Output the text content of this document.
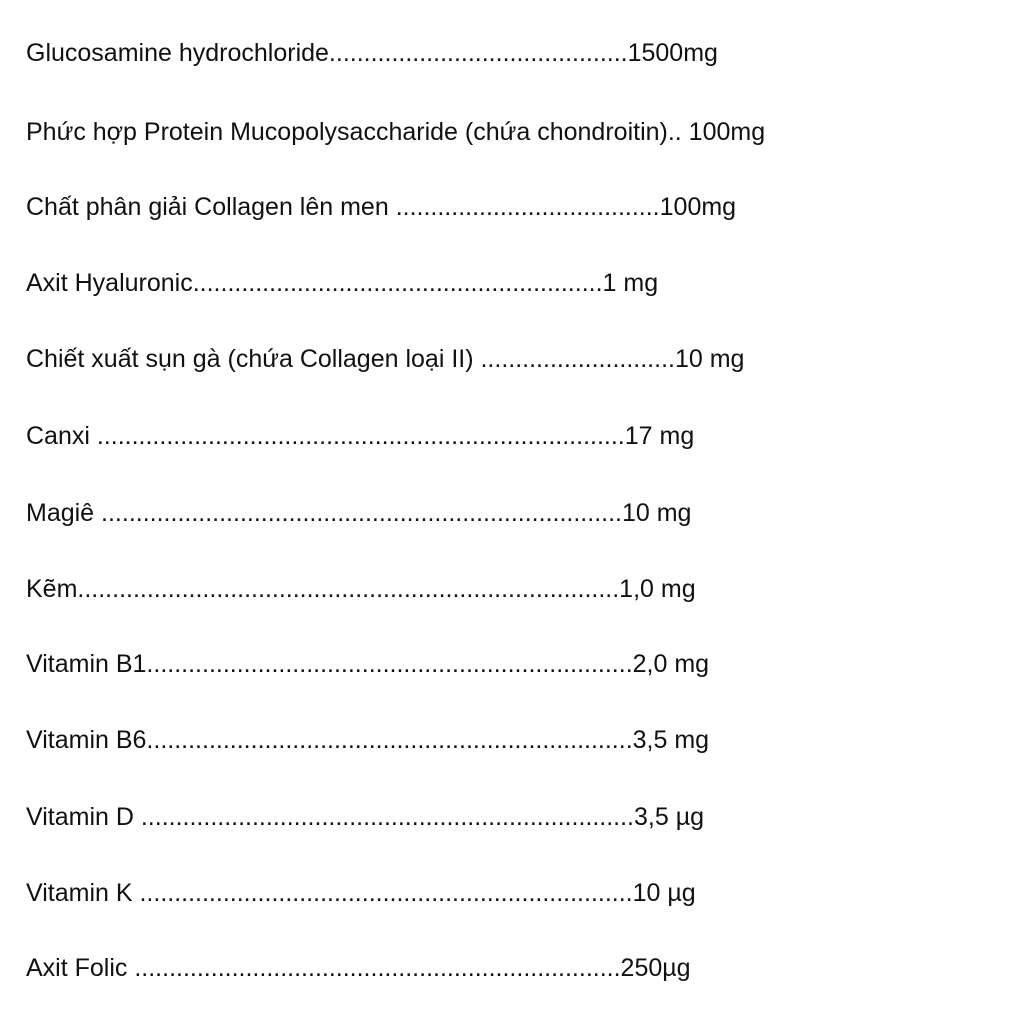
Glucosamine hydrochloride...........................................1500mg
Phức hợp Protein Mucopolysaccharide (chứa chondroitin).. 100mg
Chất phân giải Collagen lên men ......................................100mg
Axit Hyaluronic...........................................................1 mg
Chiết xuất sụn gà (chứa Collagen loại II) ............................10 mg
Canxi ............................................................................17 mg
Magiê ...........................................................................10 mg
Kẽm..............................................................................1,0 mg
Vitamin B1......................................................................2,0 mg
Vitamin B6......................................................................3,5 mg
Vitamin D .......................................................................3,5 µg
Vitamin K .......................................................................10 µg
Axit Folic ......................................................................250µg
